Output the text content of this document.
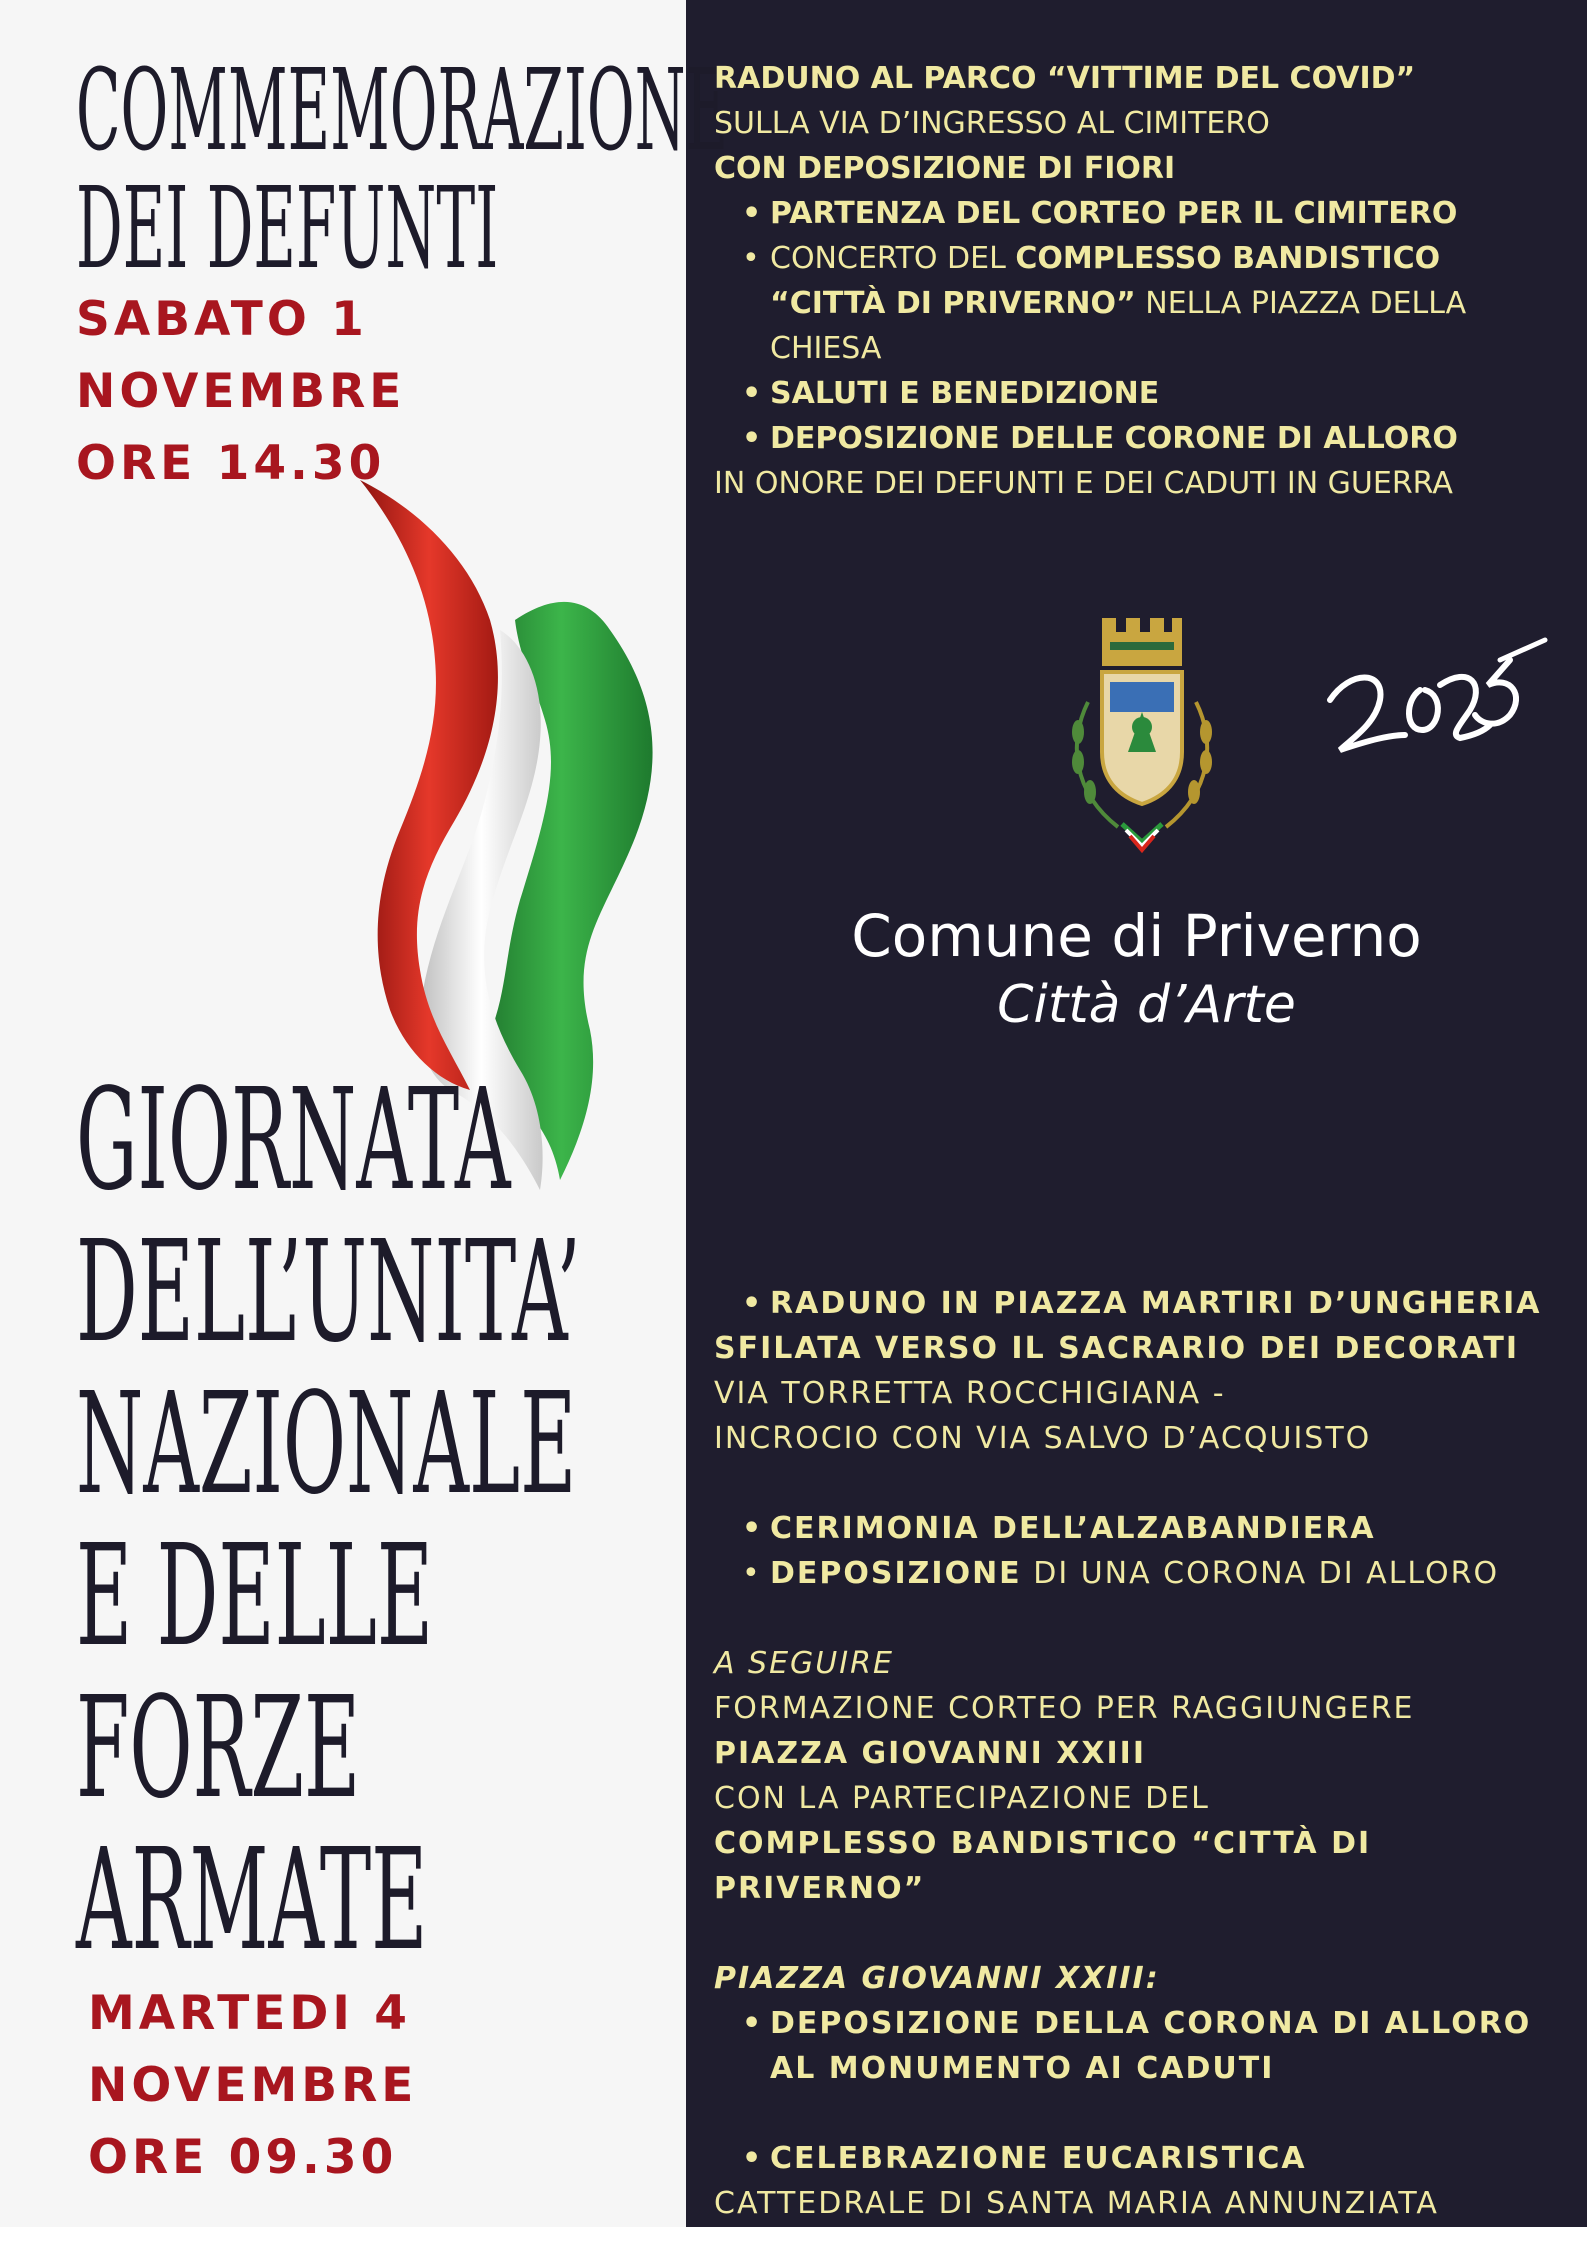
COMMEMORAZIONE
DEI DEFUNTI
SABATO 1
NOVEMBRE
ORE 14.30
GIORNATA
DELL’UNITA’
NAZIONALE
E DELLE
FORZE
ARMATE
MARTEDI 4
NOVEMBRE
ORE 09.30
RADUNO AL PARCO “VITTIME DEL COVID”
SULLA VIA D’INGRESSO AL CIMITERO
CON DEPOSIZIONE DI FIORI
• PARTENZA DEL CORTEO PER IL CIMITERO
• CONCERTO DEL COMPLESSO BANDISTICO
“CITTÀ DI PRIVERNO” NELLA PIAZZA DELLA
CHIESA
• SALUTI E BENEDIZIONE
• DEPOSIZIONE DELLE CORONE DI ALLORO
IN ONORE DEI DEFUNTI E DEI CADUTI IN GUERRA
Comune di Priverno
Città d’Arte
• RADUNO IN PIAZZA MARTIRI D’UNGHERIA
SFILATA VERSO IL SACRARIO DEI DECORATI
VIA TORRETTA ROCCHIGIANA -
INCROCIO CON VIA SALVO D’ACQUISTO

• CERIMONIA DELL’ALZABANDIERA
• DEPOSIZIONE DI UNA CORONA DI ALLORO

A SEGUIRE
FORMAZIONE CORTEO PER RAGGIUNGERE
PIAZZA GIOVANNI XXIII
CON LA PARTECIPAZIONE DEL
COMPLESSO BANDISTICO “CITTÀ DI
PRIVERNO”

PIAZZA GIOVANNI XXIII:
• DEPOSIZIONE DELLA CORONA DI ALLORO
AL MONUMENTO AI CADUTI

• CELEBRAZIONE EUCARISTICA
CATTEDRALE DI SANTA MARIA ANNUNZIATA
